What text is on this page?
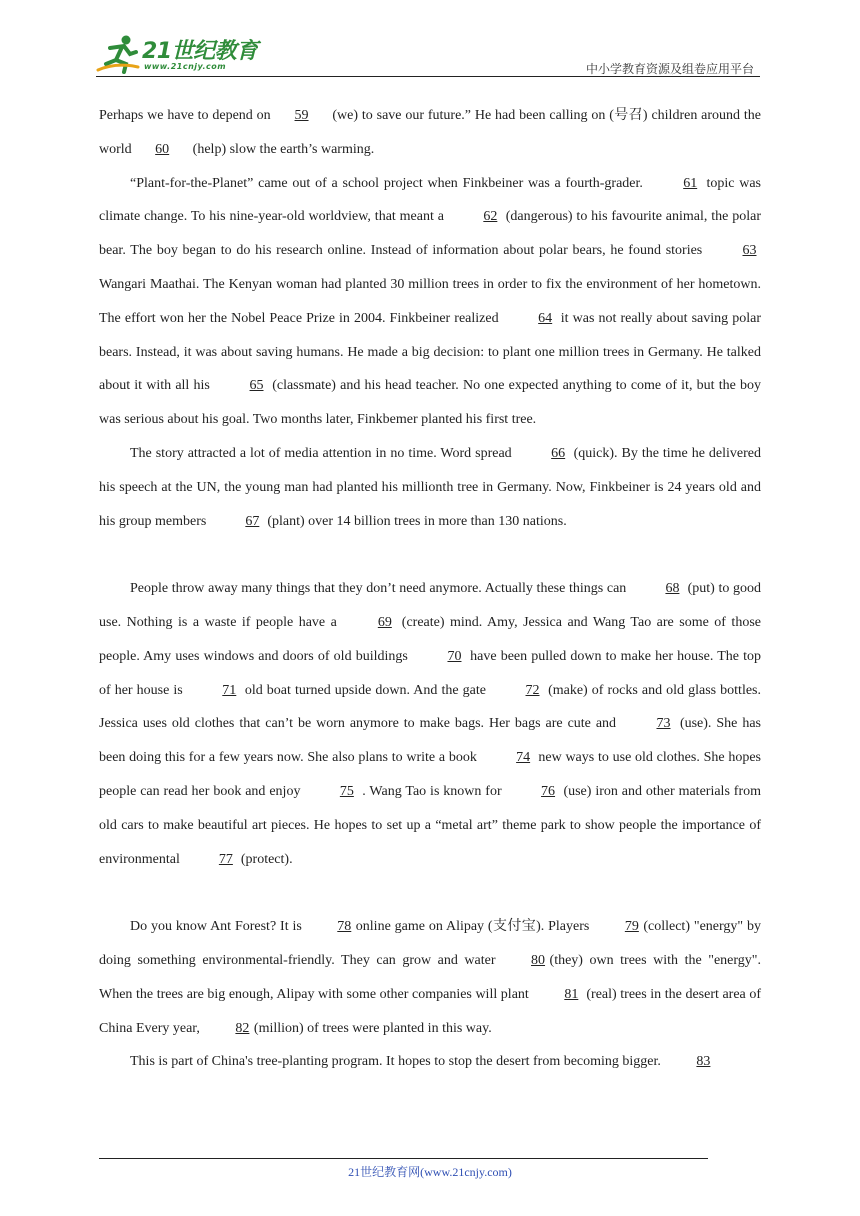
21世纪教育
www.21cnjy.com	中小学教育资源及组卷应用平台

Perhaps we have to depend on 59 (we) to save our future.” He had been calling on (号召) children around the world 60 (help) slow the earth’s warming.

“Plant-for-the-Planet” came out of a school project when Finkbeiner was a fourth-grader.	61 topic was climate change. To his nine-year-old worldview, that meant a	62 (dangerous) to his favourite animal, the polar bear. The boy began to do his research online. Instead of information about polar bears, he found stories	63 Wangari Maathai. The Kenyan woman had planted 30 million trees in order to fix the environment of her hometown. The effort won her the Nobel Peace Prize in 2004. Finkbeiner realized	64 it was not really about saving polar bears. Instead, it was about saving humans. He made a big decision: to plant one million trees in Germany. He talked about it with all his	65 (classmate) and his head teacher. No one expected anything to come of it, but the boy was serious about his goal. Two months later, Finkbemer planted his first tree.

The story attracted a lot of media attention in no time. Word spread	66 (quick). By the time he delivered his speech at the UN, the young man had planted his millionth tree in Germany. Now, Finkbeiner is 24 years old and his group members	67 (plant) over 14 billion trees in more than 130 nations.

People throw away many things that they don’t need anymore. Actually these things can	68 (put) to good use. Nothing is a waste if people have a	69 (create) mind. Amy, Jessica and Wang Tao are some of those people. Amy uses windows and doors of old buildings	70 have been pulled down to make her house. The top of her house is	71 old boat turned upside down. And the gate	72 (make) of rocks and old glass bottles. Jessica uses old clothes that can’t be worn anymore to make bags. Her bags are cute and	73 (use). She has been doing this for a few years now. She also plans to write a book	74 new ways to use old clothes. She hopes people can read her book and enjoy	75 . Wang Tao is known for	76 (use) iron and other materials from old cars to make beautiful art pieces. He hopes to set up a “metal art” theme park to show people the importance of environmental	77 (protect).

Do you know Ant Forest? It is	78 online game on Alipay (支付宝). Players	79 (collect) "energy" by doing something environmental-friendly. They can grow and water	80 (they) own trees with the "energy". When the trees are big enough, Alipay with some other companies will plant	81 (real) trees in the desert area of China Every year,	82 (million) of trees were planted in this way.

This is part of China's tree-planting program. It hopes to stop the desert from becoming bigger.	83

21世纪教育网(www.21cnjy.com)
